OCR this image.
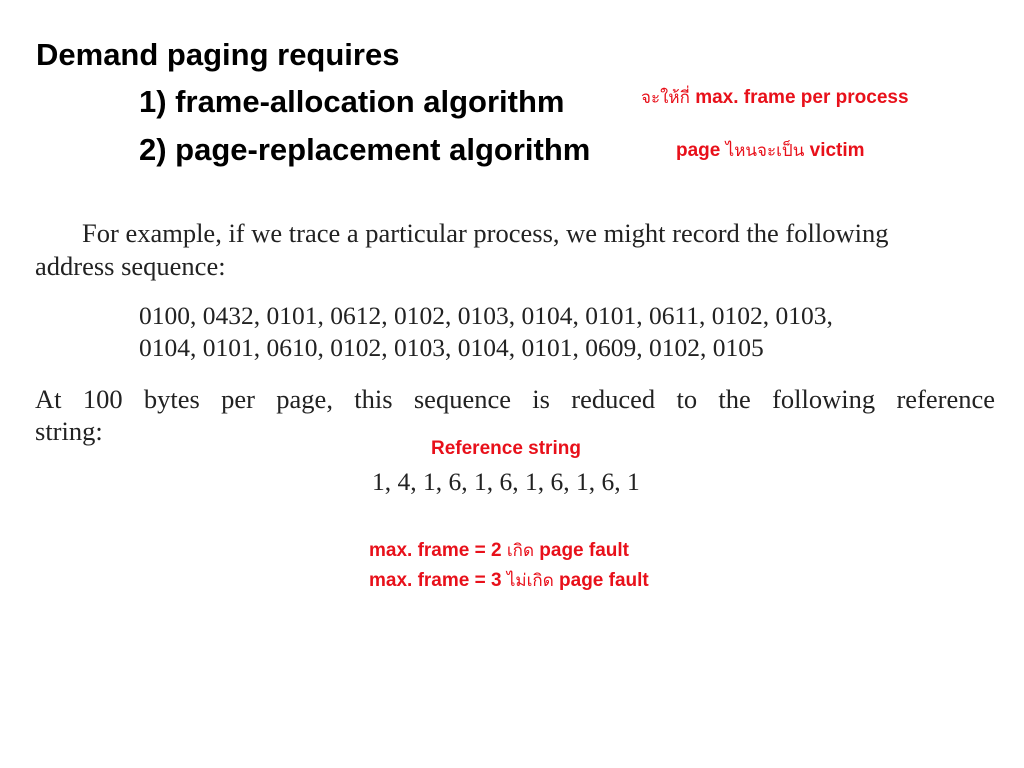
Demand paging requires
1) frame-allocation algorithm
2) page-replacement algorithm
จะให้กี่ max. frame per process
page ไหนจะเป็น victim
For example, if we trace a particular process, we might record the following
address sequence:
0100, 0432, 0101, 0612, 0102, 0103, 0104, 0101, 0611, 0102, 0103,
0104, 0101, 0610, 0102, 0103, 0104, 0101, 0609, 0102, 0105
At 100 bytes per page, this sequence is reduced to the following reference
string:
Reference string
1, 4, 1, 6, 1, 6, 1, 6, 1, 6, 1
max. frame = 2 เกิด page fault
max. frame = 3 ไม่เกิด page fault
